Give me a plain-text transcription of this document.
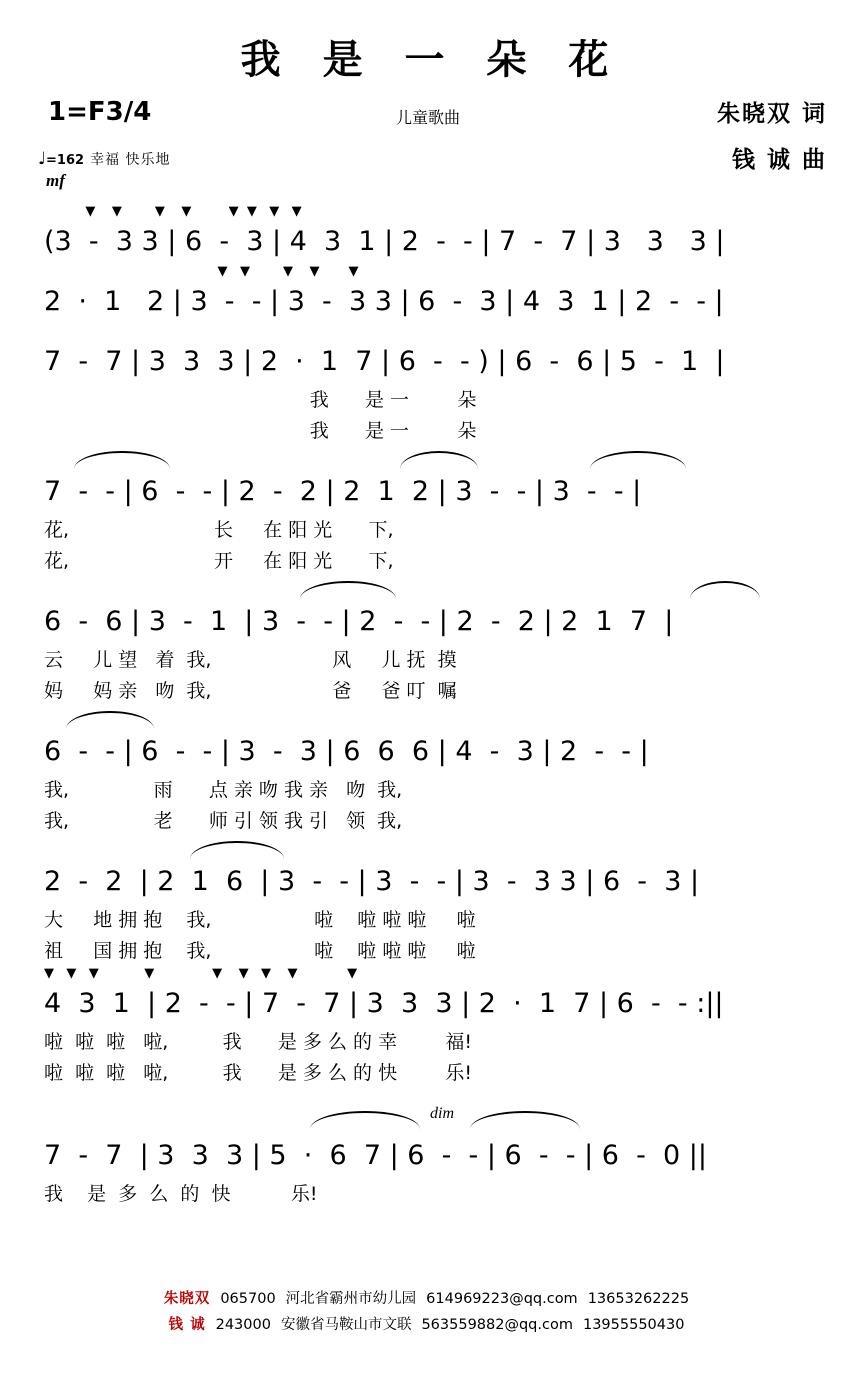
我 是 一 朵 花
1=F3/4	儿童歌曲	朱晓双 词
钱 诚 曲
♩=162 幸福 快乐地
mf
▼    ▼        ▼    ▼         ▼  ▼   ▼   ▼
(3  -  3 3 | 6  -  3 | 4  3  1 | 2  -  - | 7  -  7 | 3   3   3 |
▼   ▼        ▼    ▼       ▼
2  ·  1   2 | 3  -  - | 3  -  3 3 | 6  -  3 | 4  3  1 | 2  -  - |
7  -  7 | 3  3  3 | 2  ·  1  7 | 6  -  - ) | 6  -  6 | 5  -  1  |
我      是 一        朵
我      是 一        朵
7  -  - | 6  -  - | 2  -  2 | 2  1  2 | 3  -  - | 3  -  - |
花,                        长     在 阳 光      下,
花,                        开     在 阳 光      下,
6  -  6 | 3  -  1  | 3  -  - | 2  -  - | 2  -  2 | 2  1  7  |
云     儿 望   着  我,                    风     儿 抚  摸
妈     妈 亲   吻  我,                    爸     爸 叮  嘱
6  -  - | 6  -  - | 3  -  3 | 6  6  6 | 4  -  3 | 2  -  - |
我,              雨      点 亲 吻 我 亲   吻  我,
我,              老      师 引 领 我 引   领  我,
2  -  2  | 2  1  6  | 3  -  - | 3  -  - | 3  -  3 3 | 6  -  3 |
大     地 拥 抱    我,                 啦    啦 啦 啦     啦
祖     国 拥 抱    我,                 啦    啦 啦 啦     啦
▼   ▼   ▼           ▼              ▼    ▼   ▼    ▼            ▼
4  3  1  | 2  -  - | 7  -  7 | 3  3  3 | 2  ·  1  7 | 6  -  - :||
啦  啦  啦   啦,         我      是 多 么 的 幸        福!
啦  啦  啦   啦,         我      是 多 么 的 快        乐!
dim
7  -  7  | 3  3  3 | 5  ·  6  7 | 6  -  - | 6  -  - | 6  -  0 ||
我    是  多  么  的  快          乐!
朱晓双 065700 河北省霸州市幼儿园 614969223@qq.com 13653262225
钱 诚 243000 安徽省马鞍山市文联 563559882@qq.com 13955550430
